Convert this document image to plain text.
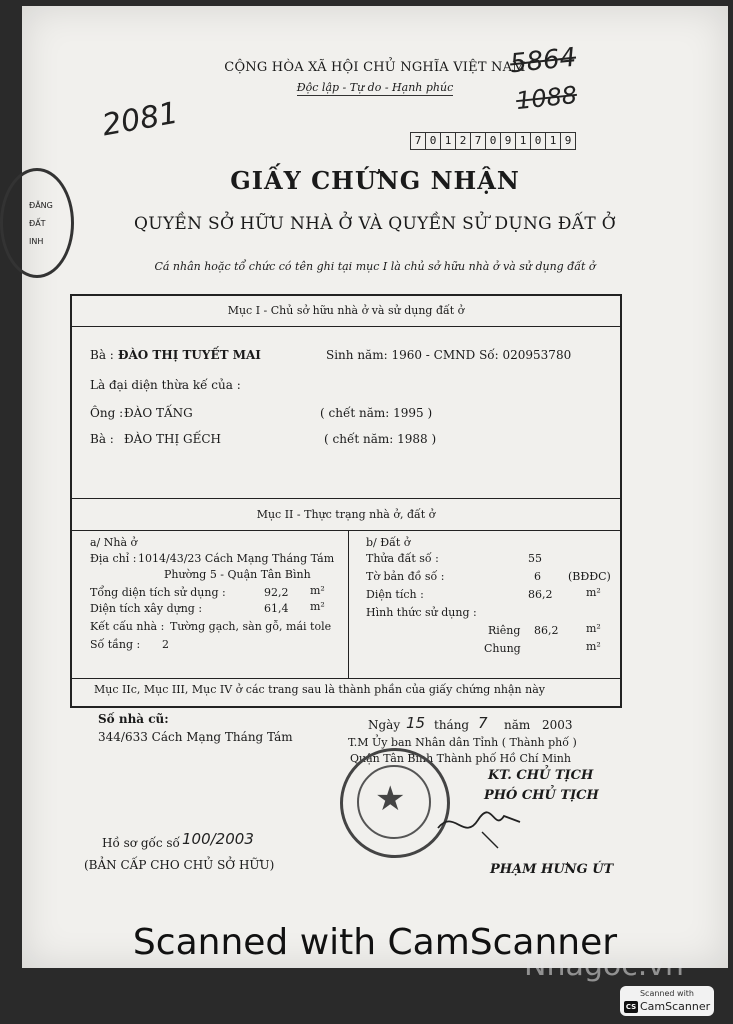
ĐĂNG
ĐẤT
INH
CỘNG HÒA XÃ HỘI CHỦ NGHĨA VIỆT NAM
Độc lập - Tự do - Hạnh phúc
2081
5864
1088
7 0 1 2 7 0 9 1 0 1 9
GIẤY CHỨNG NHẬN
QUYỀN SỞ HỮU NHÀ Ở VÀ QUYỀN SỬ DỤNG ĐẤT Ở
Cá nhân hoặc tổ chức có tên ghi tại mục I là chủ sở hữu nhà ở và sử dụng đất ở
Mục I - Chủ sở hữu nhà ở và sử dụng đất ở
Bà : ĐÀO THỊ TUYẾT MAI	Sinh năm: 1960 - CMND Số: 020953780
Là đại diện thừa kế của :
Ông : ĐÀO TẤNG	( chết năm: 1995 )
Bà : ĐÀO THỊ GẾCH	( chết năm: 1988 )
Mục II - Thực trạng nhà ở, đất ở
a/ Nhà ở
Địa chỉ : 1014/43/23 Cách Mạng Tháng Tám
Phường 5 - Quận Tân Bình
Tổng diện tích sử dụng :	92,2 m²
Diện tích xây dựng :	61,4 m²
Kết cấu nhà : Tường gạch, sàn gỗ, mái tole
Số tầng : 2
b/ Đất ở
Thửa đất số :	55
Tờ bản đồ số :	6 (BĐĐC)
Diện tích :	86,2	m²
Hình thức sử dụng :
Riêng 86,2	m²
Chung	m²
Mục IIc, Mục III, Mục IV ở các trang sau là thành phần của giấy chứng nhận này
Số nhà cũ:
344/633 Cách Mạng Tháng Tám
Ngày 15 tháng 7 năm 2003
T.M Ủy ban Nhân dân Tỉnh ( Thành phố )
Quận Tân Bình Thành phố Hồ Chí Minh
KT. CHỦ TỊCH
PHÓ CHỦ TỊCH
★
Hồ sơ gốc số 100/2003
(BẢN CẤP CHO CHỦ SỞ HỮU)	PHẠM HƯNG ÚT
Scanned with CamScanner
Nhagoc.vn
Scanned with
CS CamScanner
